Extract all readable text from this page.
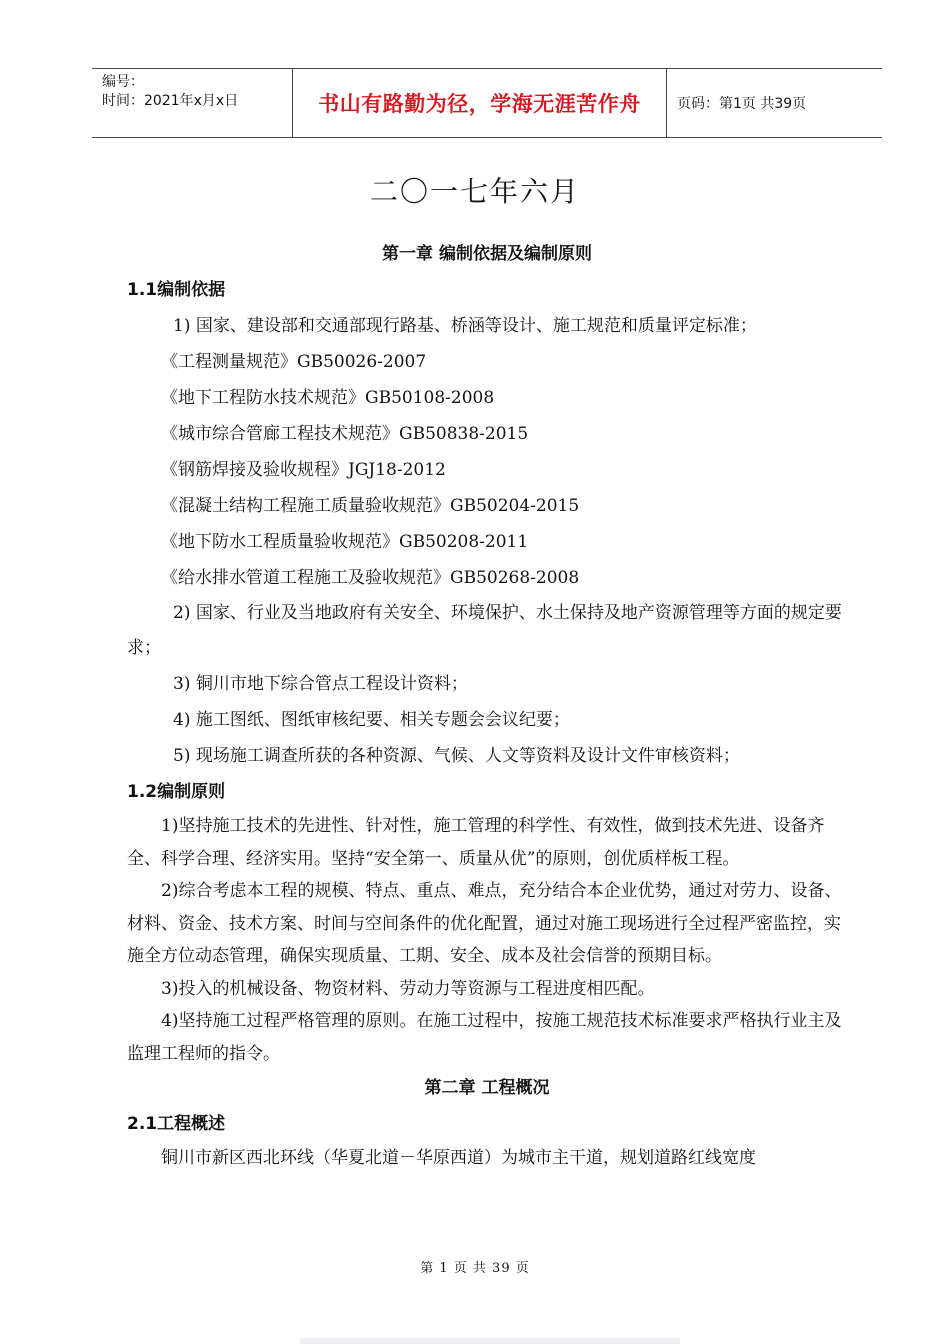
编号：
时间：2021年x月x日	书山有路勤为径，学海无涯苦作舟	页码：第1页 共39页
二〇一七年六月
第一章 编制依据及编制原则
1.1编制依据
1) 国家、建设部和交通部现行路基、桥涵等设计、施工规范和质量评定标准；
《工程测量规范》GB50026-2007
《地下工程防水技术规范》GB50108-2008
《城市综合管廊工程技术规范》GB50838-2015
《钢筋焊接及验收规程》JGJ18-2012
《混凝土结构工程施工质量验收规范》GB50204-2015
《地下防水工程质量验收规范》GB50208-2011
《给水排水管道工程施工及验收规范》GB50268-2008

2) 国家、行业及当地政府有关安全、环境保护、水土保持及地产资源管理等方面的规定要求；

3) 铜川市地下综合管点工程设计资料；
4) 施工图纸、图纸审核纪要、相关专题会会议纪要；
5) 现场施工调查所获的各种资源、气候、人文等资料及设计文件审核资料；
1.2编制原则

1)坚持施工技术的先进性、针对性，施工管理的科学性、有效性，做到技术先进、设备齐全、科学合理、经济实用。坚持“安全第一、质量从优”的原则，创优质样板工程。

2)综合考虑本工程的规模、特点、重点、难点，充分结合本企业优势，通过对劳力、设备、材料、资金、技术方案、时间与空间条件的优化配置，通过对施工现场进行全过程严密监控，实施全方位动态管理，确保实现质量、工期、安全、成本及社会信誉的预期目标。

3)投入的机械设备、物资材料、劳动力等资源与工程进度相匹配。

4)坚持施工过程严格管理的原则。在施工过程中，按施工规范技术标准要求严格执行业主及监理工程师的指令。

第二章 工程概况
2.1工程概述

铜川市新区西北环线（华夏北道－华原西道）为城市主干道，规划道路红线宽度

第 1 页 共 39 页
